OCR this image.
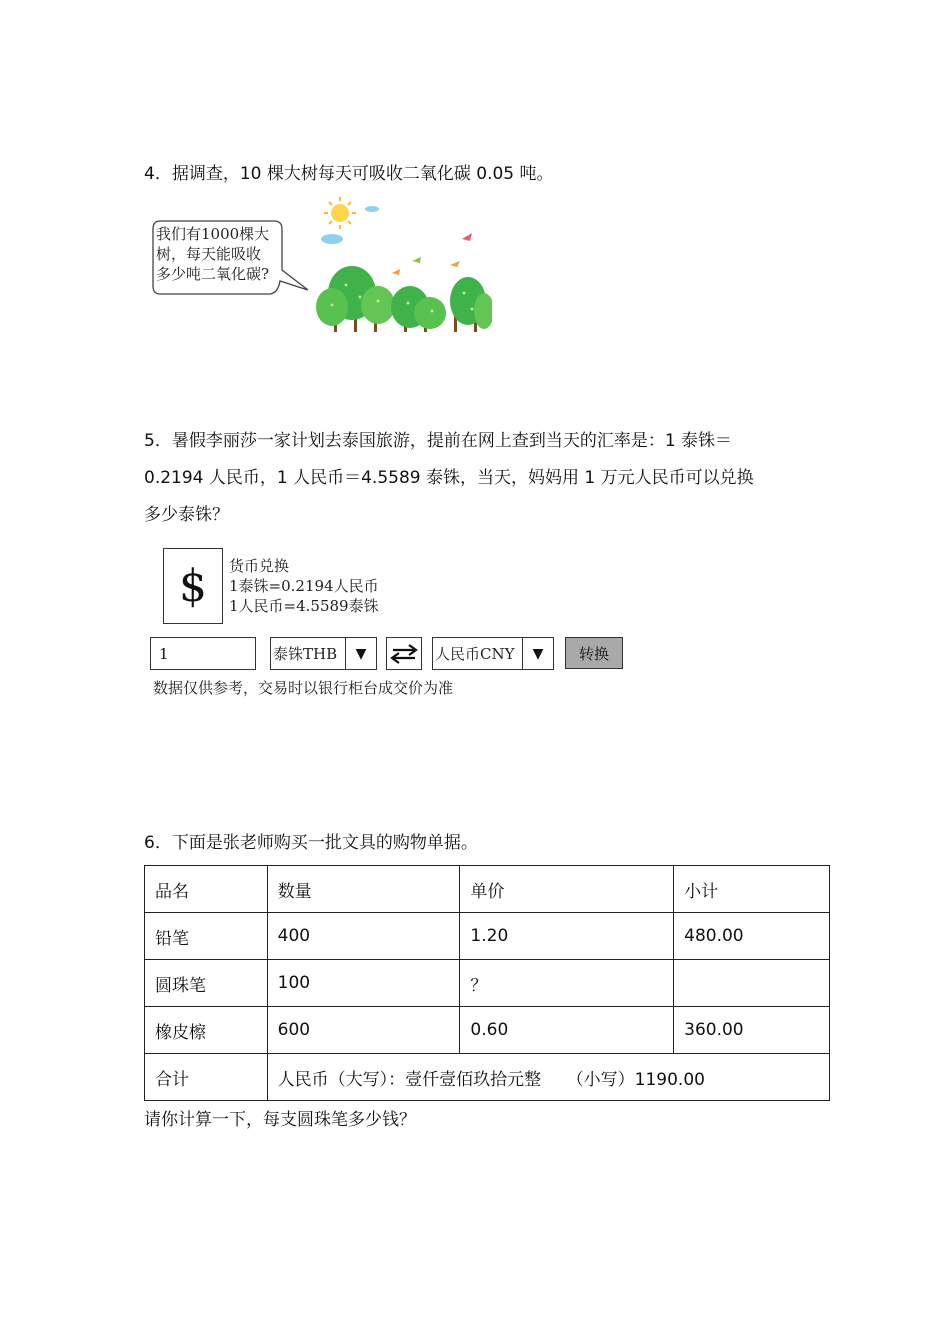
4．据调查，10 棵大树每天可吸收二氧化碳 0.05 吨。
我们有1000棵大
树，每天能吸收
多少吨二氧化碳?
5．暑假李丽莎一家计划去泰国旅游，提前在网上查到当天的汇率是：1 泰铢＝
0.2194 人民币，1 人民币＝4.5589 泰铢，当天，妈妈用 1 万元人民币可以兑换
多少泰铢？
$	货币兑换
1泰铢=0.2194人民币
1人民币=4.5589泰铢
1
泰铢THB	▼	人民币CNY	▼	转换
数据仅供参考，交易时以银行柜台成交价为准
6．下面是张老师购买一批文具的购物单据。
品名	数量	单价	小计
铅笔	400	1.20	480.00
圆珠笔	100	？	
橡皮檫	600	0.60	360.00
合计	人民币（大写）：壹仟壹佰玖拾元整　　（小写）1190.00		
请你计算一下，每支圆珠笔多少钱？
